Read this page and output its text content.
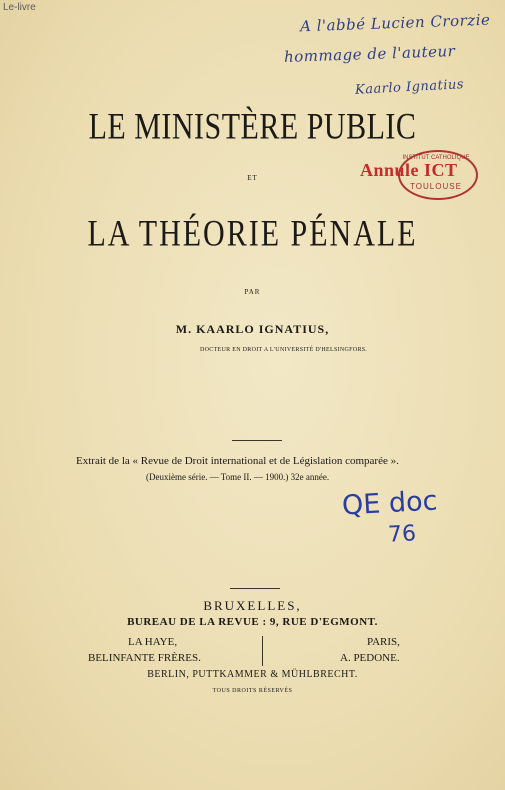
Le-livre
A l'abbé Lucien Crorzie
hommage de l'auteur
Kaarlo Ignatius
LE MINISTÈRE PUBLIC
ET
INSTITUT CATHOLIQUE
TOULOUSE
Annule ICT
LA THÉORIE PÉNALE
PAR
M. KAARLO IGNATIUS,
DOCTEUR EN DROIT A L'UNIVERSITÉ D'HELSINGFORS.
Extrait de la « Revue de Droit international et de Législation comparée ».
(Deuxième série. — Tome II. — 1900.) 32e année.
QE doc
76
BRUXELLES,
BUREAU DE LA REVUE : 9, RUE D'EGMONT.
LA HAYE,
BELINFANTE FRÈRES.
PARIS,
A. PEDONE.
BERLIN, PUTTKAMMER & MÜHLBRECHT.
TOUS DROITS RÉSERVÉS
